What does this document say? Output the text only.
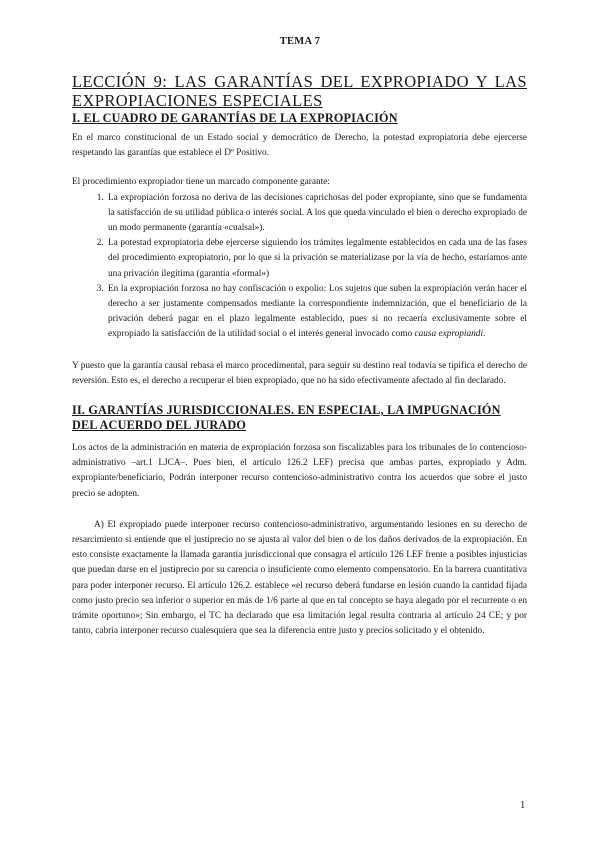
TEMA 7
LECCIÓN 9: LAS GARANTÍAS DEL EXPROPIADO Y LAS EXPROPIACIONES ESPECIALES
I. EL CUADRO DE GARANTÍAS DE LA EXPROPIACIÓN

En el marco constitucional de un Estado social y democrático de Derecho, la potestad expropiatoria debe ejercerse respetando las garantías que establece el Dº Positivo.

El procedimiento expropiador tiene un marcado componente garante:

1. La expropiación forzosa no deriva de las decisiones caprichosas del poder expropiante, sino que se fundamenta la satisfacción de su utilidad pública o interés social. A los que queda vinculado el bien o derecho expropiado de un modo permanente (garantía «cualsal»).
2. La potestad expropiatoria debe ejercerse siguiendo los trámites legalmente establecidos en cada una de las fases del procedimiento expropiatorio, por lo que si la privación se materializase por la vía de hecho, estaríamos ante una privación ilegítima (garantía «formal»)
3. En la expropiación forzosa no hay confiscación o expolio: Los sujetos que suben la expropiación verán hacer el derecho a ser justamente compensados mediante la correspondiente indemnización, que el beneficiario de la privación deberá pagar en el plazo legalmente establecido, pues si no recaería exclusivamente sobre el expropiado la satisfacción de la utilidad social o el interés general invocado como causa expropiandi.

Y puesto que la garantía causal rebasa el marco procedimental, para seguir su destino real todavía se tipifica el derecho de reversión. Esto es, el derecho a recuperar el bien expropiado, que no ha sido efectivamente afectado al fin declarado.

II. GARANTÍAS JURISDICCIONALES. EN ESPECIAL, LA IMPUGNACIÓN DEL ACUERDO DEL JURADO

Los actos de la administración en materia de expropiación forzosa son fiscalizables para los tribunales de lo contencioso-administrativo –art.1 LJCA–. Pues bien, el artículo 126.2 LEF) precisa que ambas partes, expropiado y Adm. expropiante/beneficiario, Podrán interponer recurso contencioso-administrativo contra los acuerdos que sobre el justo precio se adopten.

A) El expropiado puede interponer recurso contencioso-administrativo, argumentando lesiones en su derecho de resarcimiento si entiende que el justiprecio no se ajusta al valor del bien o de los daños derivados de la expropiación. En esto consiste exactamente la llamada garantía jurisdiccional que consagra el artículo 126 LEF frente a posibles injusticias que puedan darse en el justiprecio por su carencia o insuficiente como elemento compensatorio. En la barrera cuantitativa para poder interponer recurso. El artículo 126.2. establece «el recurso deberá fundarse en lesión cuando la cantidad fijada como justo precio sea inferior o superior en más de 1/6 parte al que en tal concepto se haya alegado por el recurrente o en trámite oportuno»; Sin embargo, el TC ha declarado que esa limitación legal resulta contraria al artículo 24 CE; y por tanto, cabría interponer recurso cualesquiera que sea la diferencia entre justo y precios solicitado y el obtenido.

1
